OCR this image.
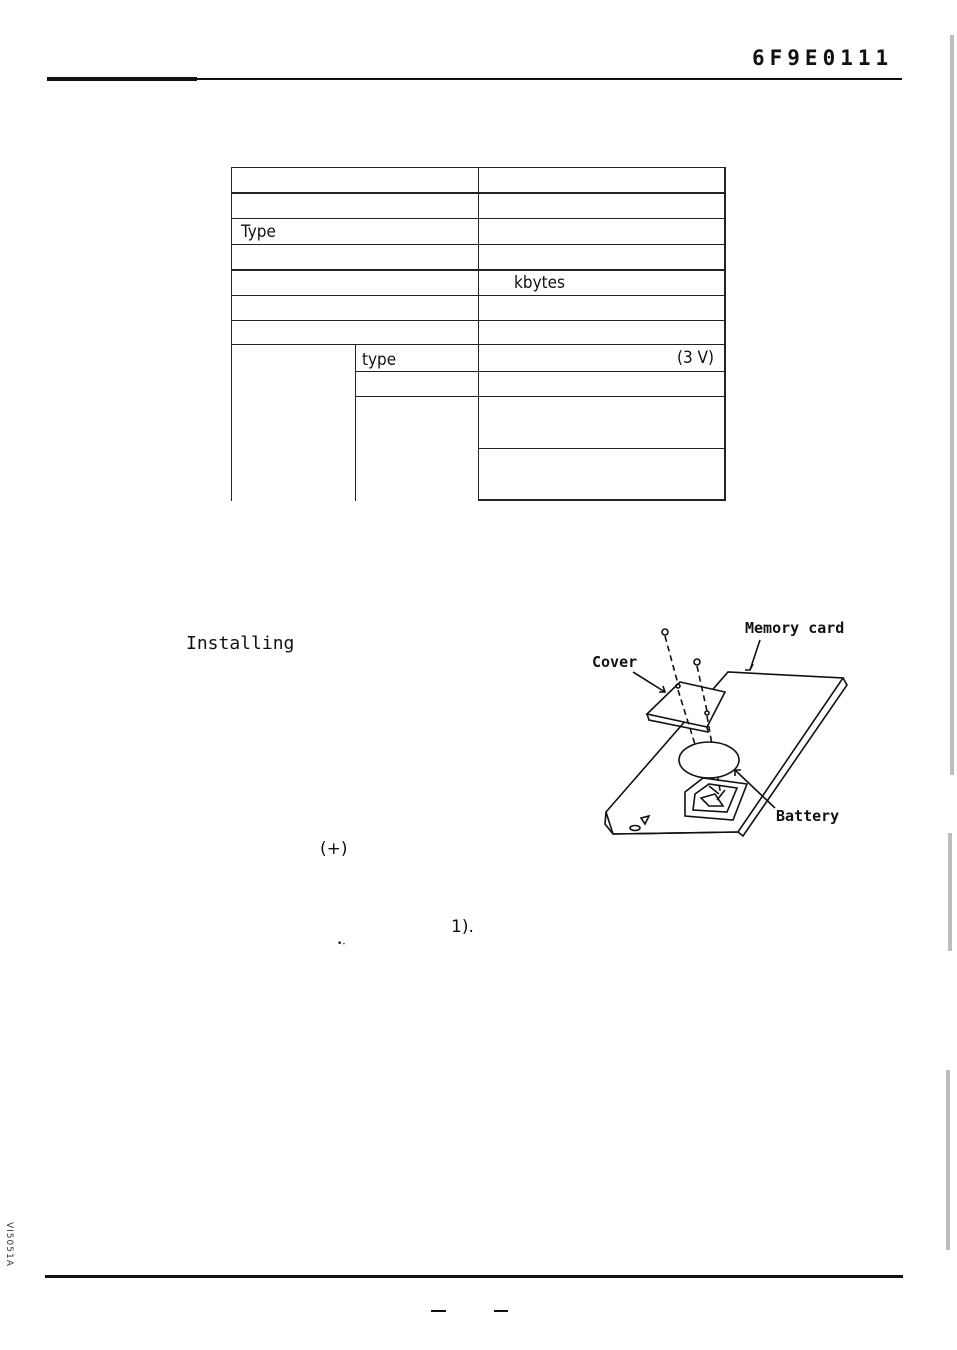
6F9E0111
Type
kbytes
type	(3 V)
Installing
(+)
1).
•-
Memory card
Cover
Battery
VI5051A
